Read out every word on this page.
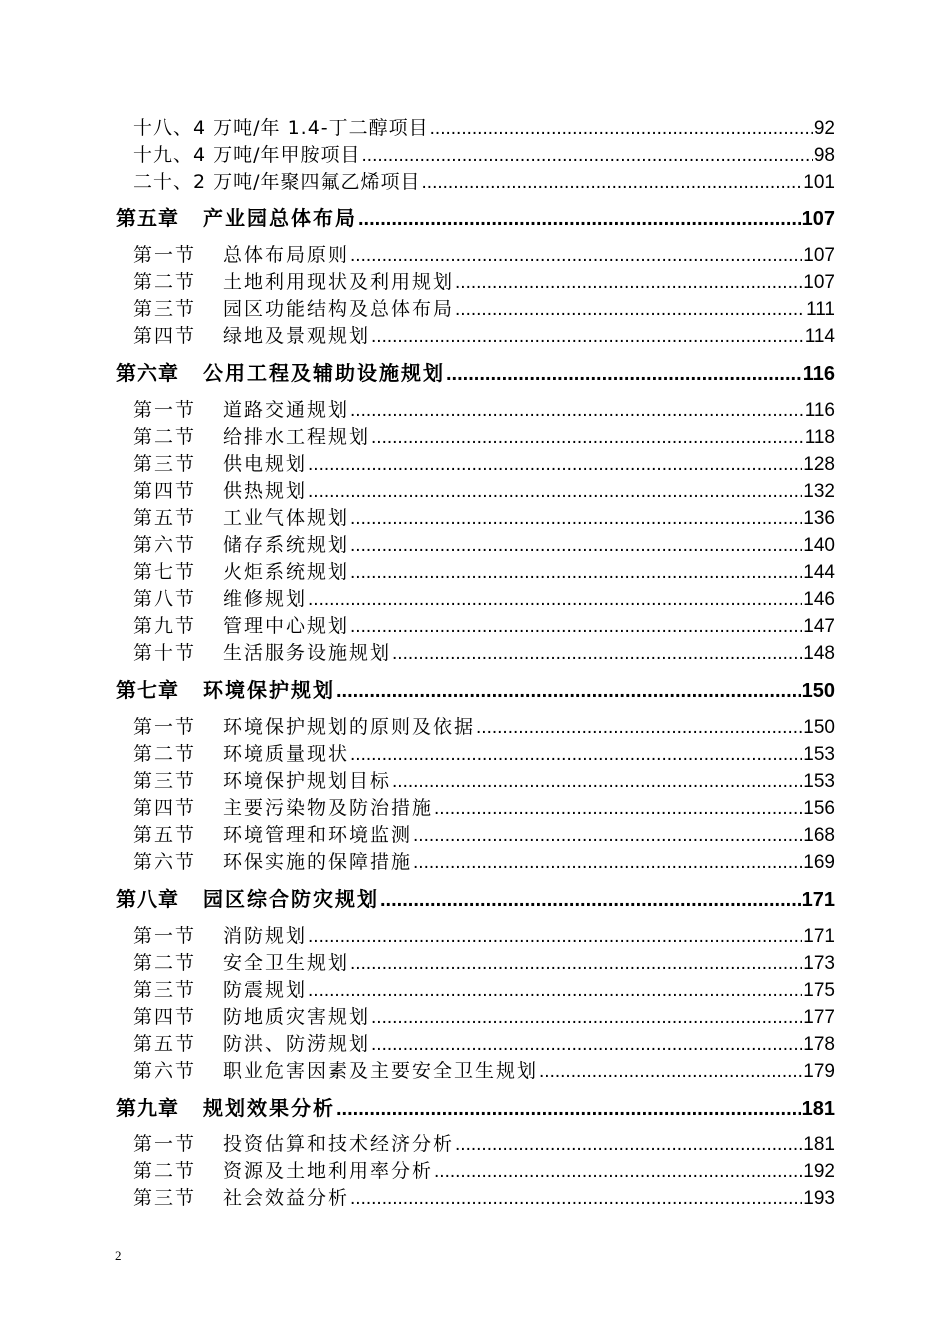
十八、4 万吨/年 1.4-丁二醇项目 .....	92
十九、4 万吨/年甲胺项目 .....	98
二十、2 万吨/年聚四氟乙烯项目 .....	101
第五章	产业园总体布局 .....	107
第一节	总体布局原则 .....	107
第二节	土地利用现状及利用规划 .....	107
第三节	园区功能结构及总体布局 .....	111
第四节	绿地及景观规划 .....	114
第六章	公用工程及辅助设施规划 .....	116
第一节	道路交通规划 .....	116
第二节	给排水工程规划 .....	118
第三节	供电规划 .....	128
第四节	供热规划 .....	132
第五节	工业气体规划 .....	136
第六节	储存系统规划 .....	140
第七节	火炬系统规划 .....	144
第八节	维修规划 .....	146
第九节	管理中心规划 .....	147
第十节	生活服务设施规划 .....	148
第七章	环境保护规划 .....	150
第一节	环境保护规划的原则及依据 .....	150
第二节	环境质量现状 .....	153
第三节	环境保护规划目标 .....	153
第四节	主要污染物及防治措施 .....	156
第五节	环境管理和环境监测 .....	168
第六节	环保实施的保障措施 .....	169
第八章	园区综合防灾规划 .....	171
第一节	消防规划 .....	171
第二节	安全卫生规划 .....	173
第三节	防震规划 .....	175
第四节	防地质灾害规划 .....	177
第五节	防洪、防涝规划 .....	178
第六节	职业危害因素及主要安全卫生规划 .....	179
第九章	规划效果分析 .....	181
第一节	投资估算和技术经济分析 .....	181
第二节	资源及土地利用率分析 .....	192
第三节	社会效益分析 .....	193
2
